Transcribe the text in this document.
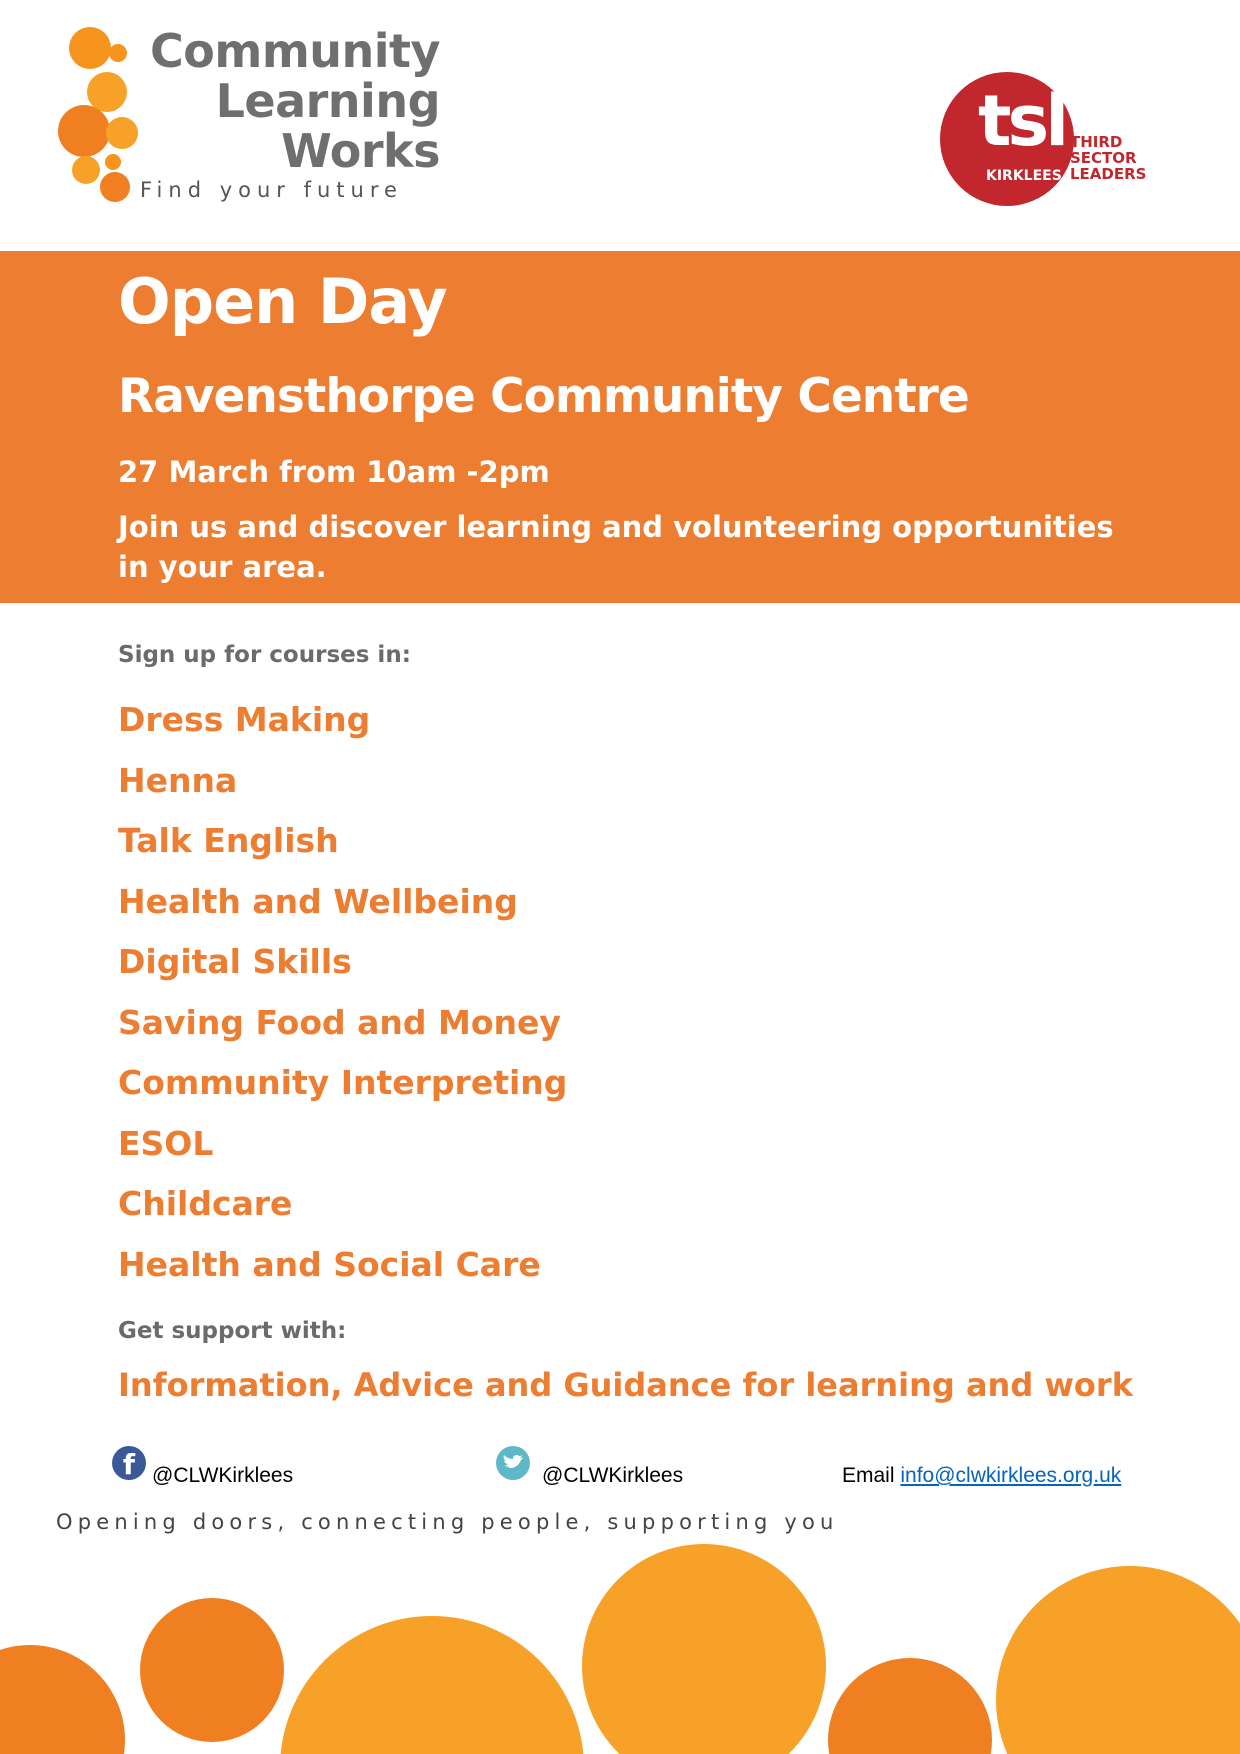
Community
Learning
Works
Find your future
tsl
KIRKLEES
THIRD
SECTOR
LEADERS
Open Day
Ravensthorpe Community Centre
27 March from 10am -2pm
Join us and discover learning and volunteering opportunities in your area.
Sign up for courses in:
Dress Making
Henna
Talk English
Health and Wellbeing
Digital Skills
Saving Food and Money
Community Interpreting
ESOL
Childcare
Health and Social Care
Get support with:
Information, Advice and Guidance for learning and work
f @CLWKirklees	@CLWKirklees	Email info@clwkirklees.org.uk
Opening doors, connecting people, supporting you
